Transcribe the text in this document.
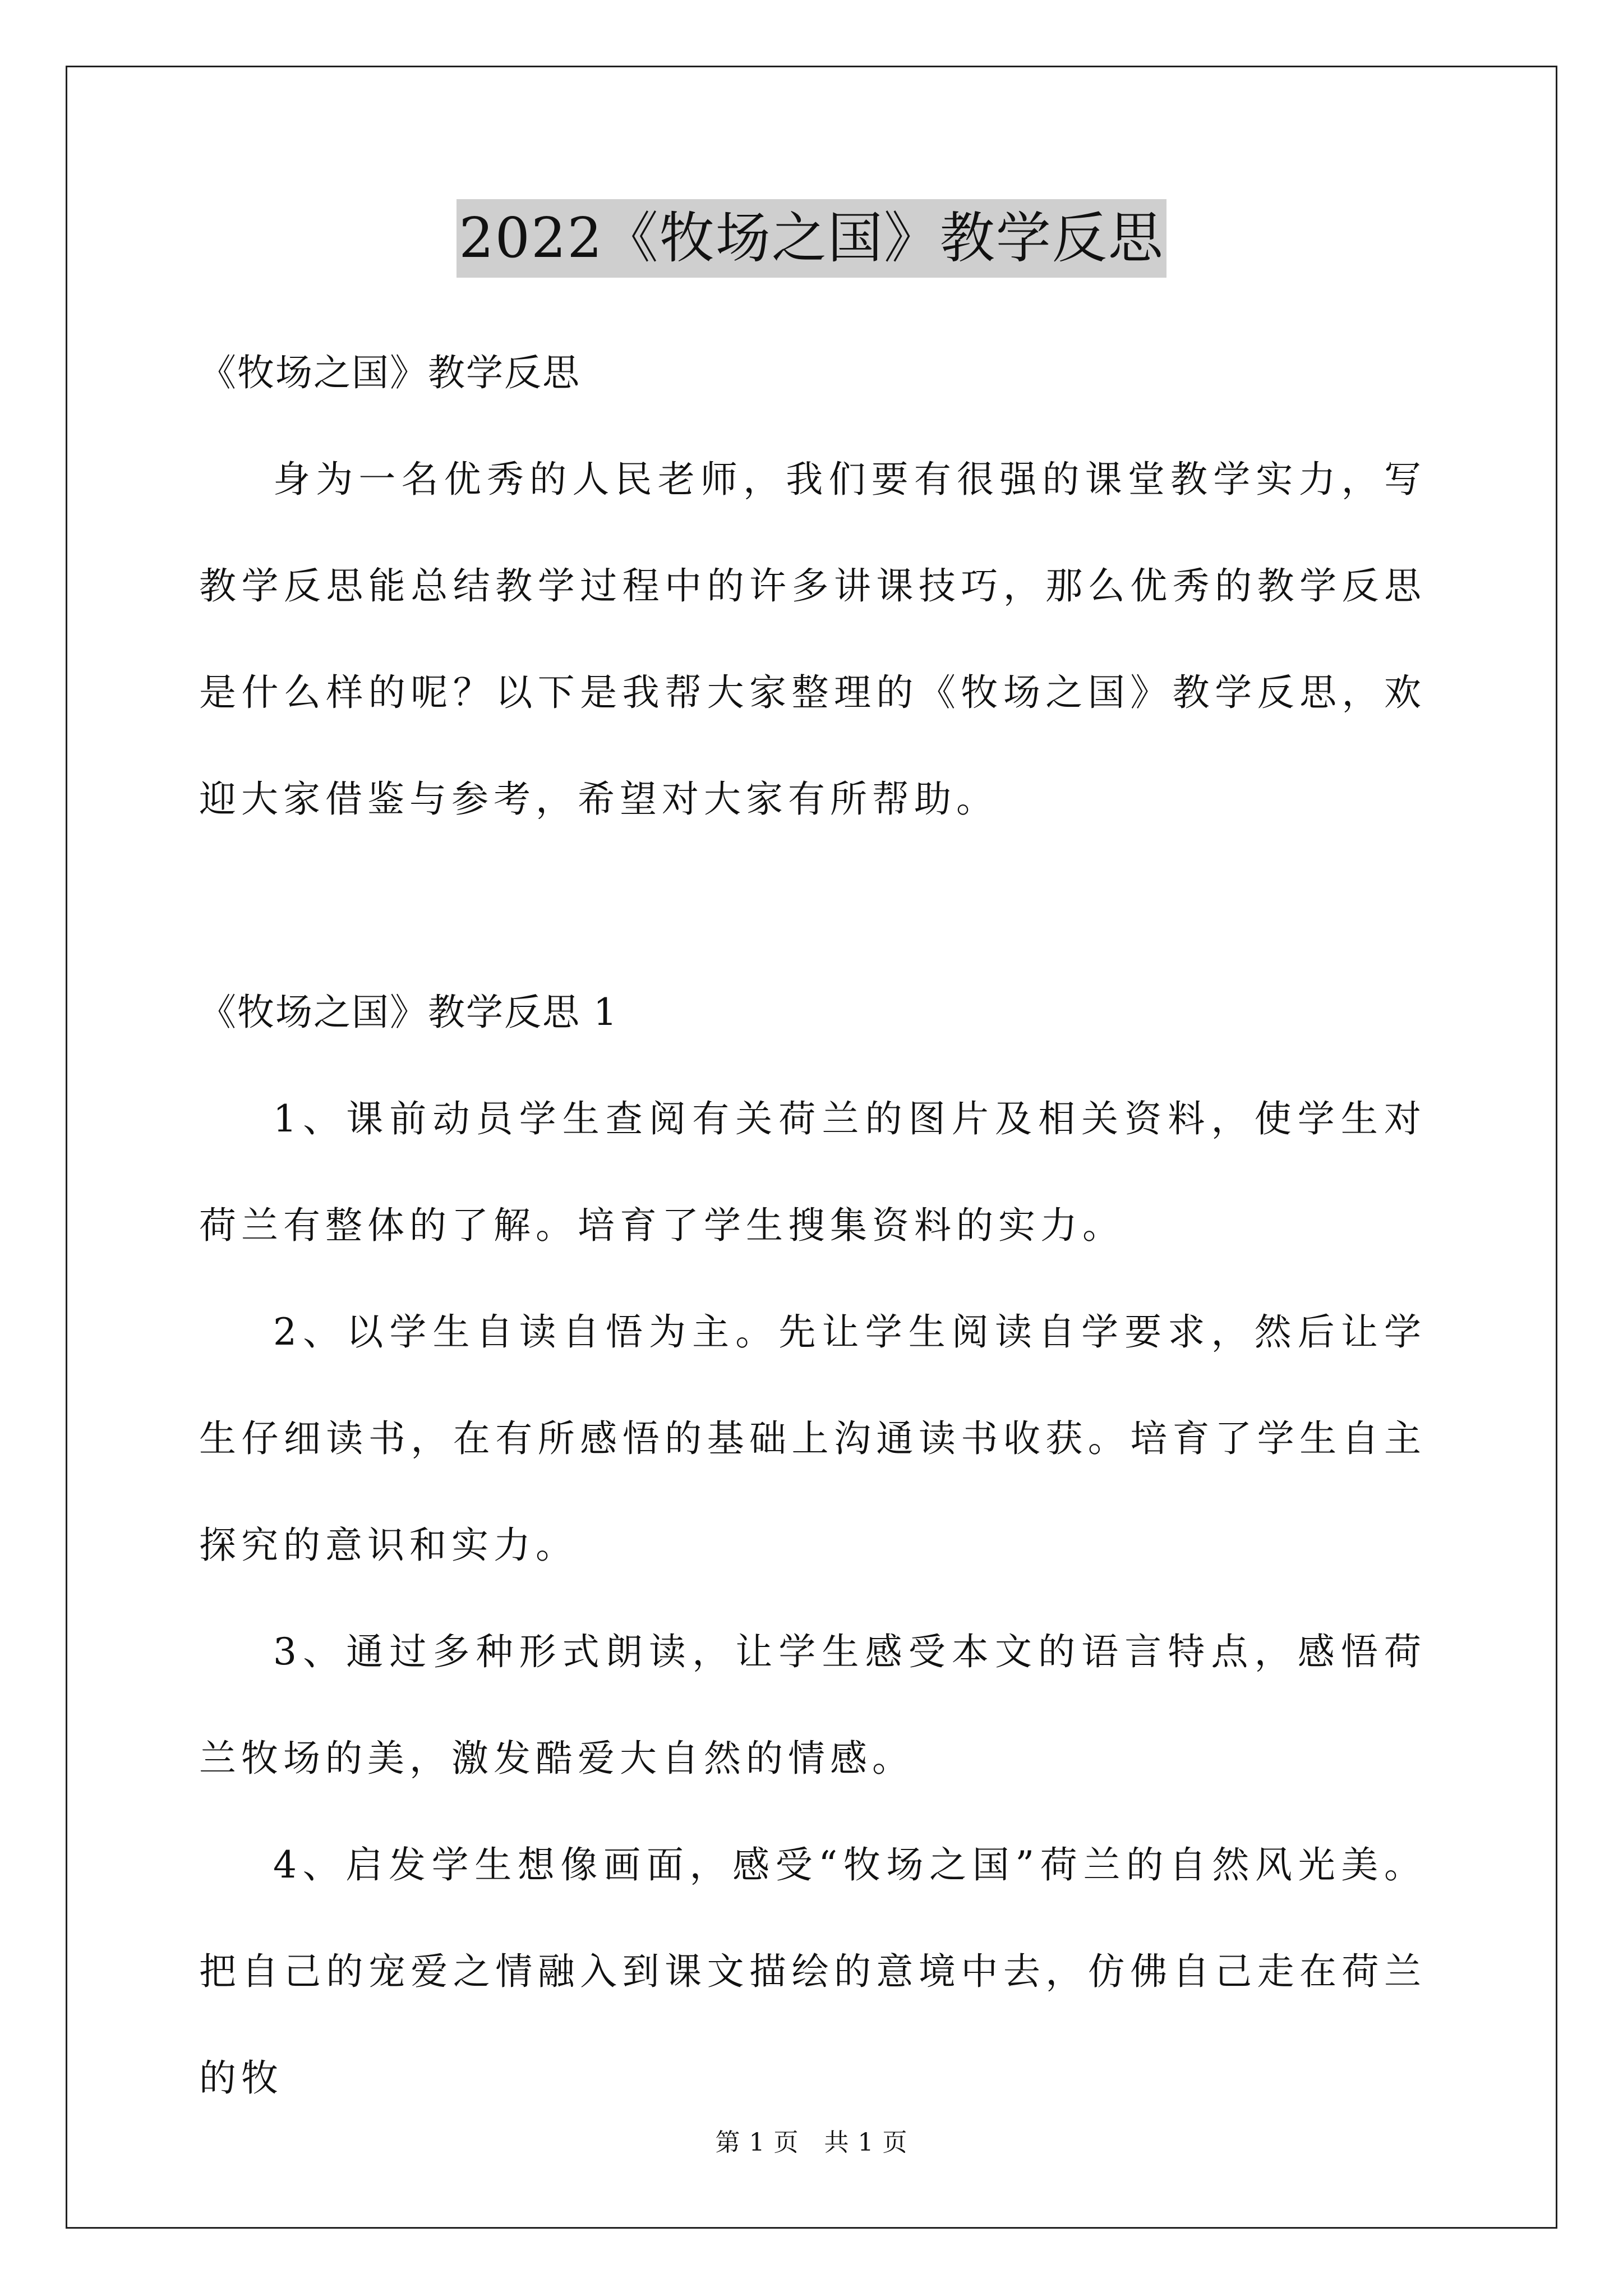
2022《牧场之国》教学反思

《牧场之国》教学反思

身为一名优秀的人民老师，我们要有很强的课堂教学实力，写教学反思能总结教学过程中的许多讲课技巧，那么优秀的教学反思是什么样的呢？以下是我帮大家整理的《牧场之国》教学反思，欢迎大家借鉴与参考，希望对大家有所帮助。

《牧场之国》教学反思 1

1、课前动员学生查阅有关荷兰的图片及相关资料，使学生对荷兰有整体的了解。培育了学生搜集资料的实力。

2、以学生自读自悟为主。先让学生阅读自学要求，然后让学生仔细读书，在有所感悟的基础上沟通读书收获。培育了学生自主探究的意识和实力。

3、通过多种形式朗读，让学生感受本文的语言特点，感悟荷兰牧场的美，激发酷爱大自然的情感。

4、启发学生想像画面，感受“牧场之国”荷兰的自然风光美。把自己的宠爱之情融入到课文描绘的意境中去，仿佛自己走在荷兰的牧

第 1 页　共 1 页
